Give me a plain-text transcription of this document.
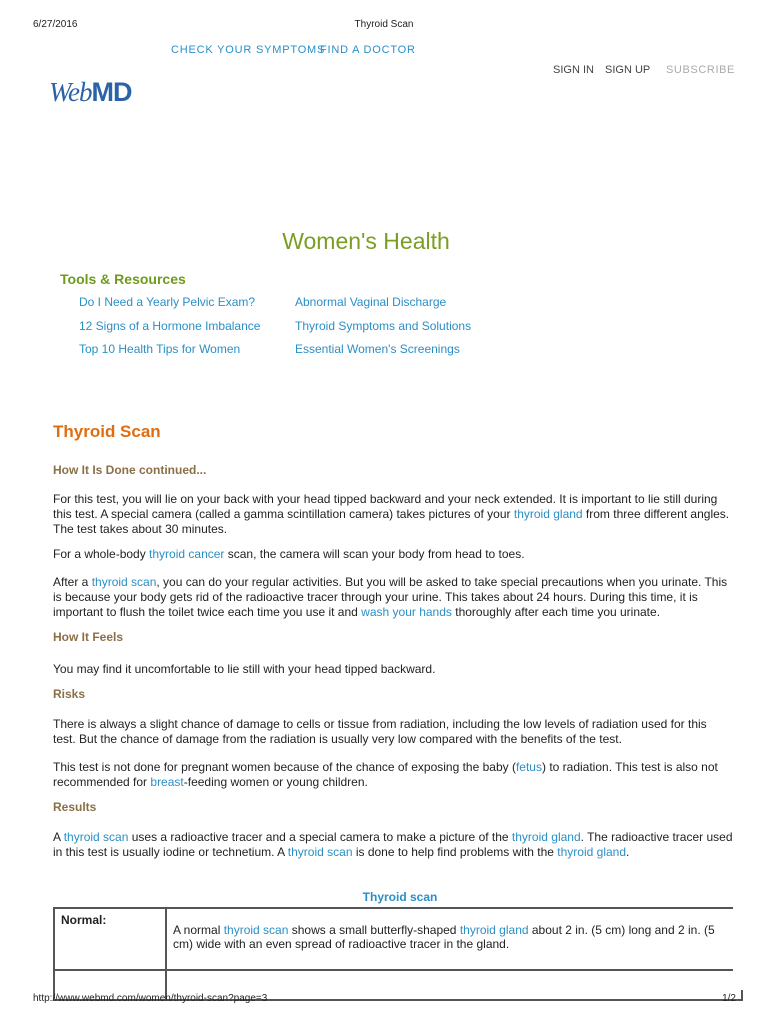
6/27/2016	Thyroid Scan
CHECK YOUR SYMPTOMS
FIND A DOCTOR
SIGN IN SIGN UP SUBSCRIBE
WebMD
Women's Health
Tools & Resources
Do I Need a Yearly Pelvic Exam?	Abnormal Vaginal Discharge
12 Signs of a Hormone Imbalance	Thyroid Symptoms and Solutions
Top 10 Health Tips for Women	Essential Women's Screenings
Thyroid Scan
How It Is Done continued...

For this test, you will lie on your back with your head tipped backward and your neck extended. It is important to lie still during

this test. A special camera (called a gamma scintillation camera) takes pictures of your thyroid gland from three different angles.

The test takes about 30 minutes.

For a whole-body thyroid cancer scan, the camera will scan your body from head to toes.

After a thyroid scan, you can do your regular activities. But you will be asked to take special precautions when you urinate. This

is because your body gets rid of the radioactive tracer through your urine. This takes about 24 hours. During this time, it is

important to flush the toilet twice each time you use it and wash your hands thoroughly after each time you urinate.

How It Feels

You may find it uncomfortable to lie still with your head tipped backward.

Risks

There is always a slight chance of damage to cells or tissue from radiation, including the low levels of radiation used for this

test. But the chance of damage from the radiation is usually very low compared with the benefits of the test.

This test is not done for pregnant women because of the chance of exposing the baby (fetus) to radiation. This test is also not

recommended for breast-feeding women or young children.

Results

A thyroid scan uses a radioactive tracer and a special camera to make a picture of the thyroid gland. The radioactive tracer used

in this test is usually iodine or technetium. A thyroid scan is done to help find problems with the thyroid gland.

Thyroid scan
Normal:	A normal thyroid scan shows a small butterfly-shaped thyroid gland about 2 in. (5 cm) long and 2 in. (5
cm) wide with an even spread of radioactive tracer in the gland.

http://www.webmd.com/women/thyroid-scan?page=3	1/2
